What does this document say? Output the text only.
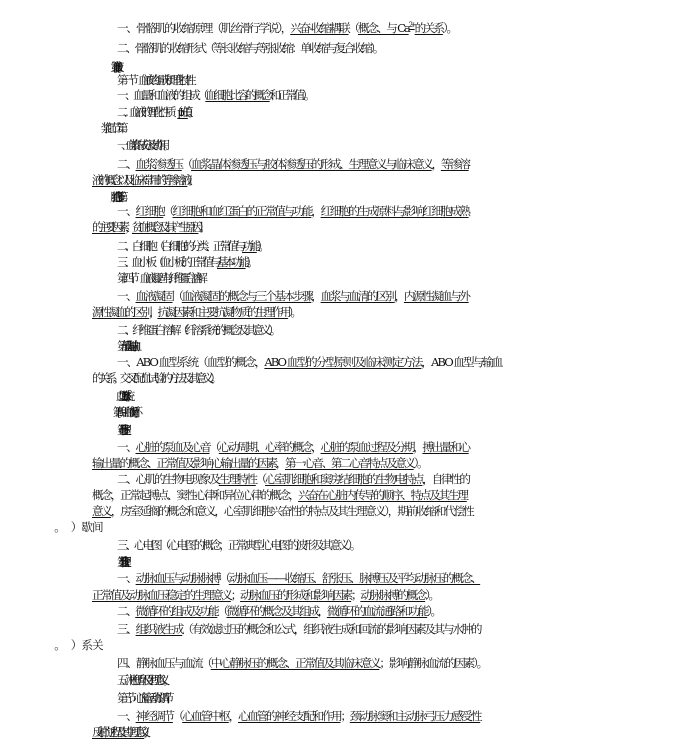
一、骨骼肌的收缩原理（肌丝滑行学说），兴奋-收缩耦联（概念、与 $Ca^{2+}$的关系）。
二、骨骼肌的收缩形式（等长收缩与等张收缩：单收缩与复合收缩）。
第一节　血液的组成和理化特性
一、血量和血液的组成（血细胞比容的概念和正常值）。
二、血液的理化性质（pH 值）。
一、血浆的成分及其作用。
二、血浆渗透压（血浆晶体渗透压与胶体渗透压的形成、生理意义与临床意义，等渗溶
液的概念以及临床常用的等渗溶液）。
一、红细胞（红细胞和血红蛋白的正常值与功能，红细胞的生成原料与影响红细胞成熟
的主要因素，贫血概念及其产生原因）。
二、白细胞（白细胞的分类、正常值与功能）。
三、血小板（血小板的正常值与基本功能）。
第四节　血液凝固与纤维蛋白溶解
一、血液凝固（血液凝固的概念与三个基本步骤，血浆与血清的区别，内源性凝血与外
源性凝血的区别，抗凝因素和主要抗凝物质的生理作用）。
二、纤维蛋白溶解（纤溶系统的概念及其意义）。
第五节　血型与输血
一、ABO 血型系统（血型的概念，ABO 血型的分型原则及临床测定方法，ABO 血型与输血
的关系。交叉配血试验的方法及其意义）。
二、Rh 血型系统。
[第四章　血液循环]
第一节　心脏生理
一、心脏的泵血及心音（心动周期、心率的概念，心脏的泵血过程及分期，搏出量和心
输出量的概念、正常值及影响心输出量的因素，第一心音、第二心音特点及意义）。
二、心肌的生物电现象及生理特性（心室肌细胞和窦房结细胞的生物电特点，自律性的
概念，正常起搏点、窦性心律和异位心律的概念，兴奋在心脏内传导的顺序、特点及其生理
意义，房室延搁的概念和意义，心室肌细胞兴奋性的特点及其生理意义），期前收缩和代偿性
三、心电图（心电图的概念，正常典型心电图的波形及其意义）。
第二节　血管生理
一、动脉血压与动脉脉搏（动脉血压——收缩压、舒张压、脉搏压及平均动脉压的概念、
正常值及动脉血压稳定的生理意义；动脉血压的形成和影响因素；动脉脉搏的概念）。
二、微循环的组成及功能（微循环的概念及其组成，微循环的血流通路和功能）。
三、组织液生成（有效滤过压的概念和公式，组织液生成和回流的影响因素及其与水肿的
四、静脉血压与血流（中心静脉压的概念、正常值及其临床意义；影响静脉血流的因素）。
五、淋巴循环及生理意义。
第三节　心血管活动的调节
一、神经调节（心血管中枢，心血管的神经支配和作用；颈动脉窦和主动脉弓压力感受性
反射的过程及其生理意义）。
